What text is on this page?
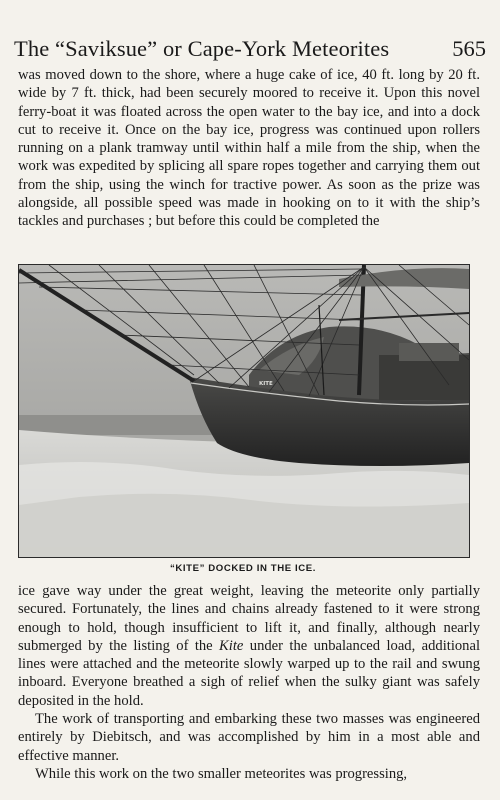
The “Saviksue” or Cape-York Meteorites	565

was moved down to the shore, where a huge cake of ice, 40 ft. long by 20 ft. wide by 7 ft. thick, had been securely moored to receive it. Upon this novel ferry-boat it was floated across the open water to the bay ice, and into a dock cut to receive it. Once on the bay ice, progress was continued upon rollers running on a plank tramway until within half a mile from the ship, when the work was expedited by splicing all spare ropes together and carrying them out from the ship, using the winch for tractive power. As soon as the prize was alongside, all possible speed was made in hooking on to it with the ship’s tackles and purchases ; but before this could be completed the

KITE
“KITE” DOCKED IN THE ICE.

ice gave way under the great weight, leaving the meteorite only partially secured. Fortunately, the lines and chains already fastened to it were strong enough to hold, though insufficient to lift it, and finally, although nearly submerged by the listing of the Kite under the unbalanced load, additional lines were attached and the meteorite slowly warped up to the rail and swung inboard. Everyone breathed a sigh of relief when the sulky giant was safely deposited in the hold.

The work of transporting and embarking these two masses was engineered entirely by Diebitsch, and was accomplished by him in a most able and effective manner.

While this work on the two smaller meteorites was progressing,
